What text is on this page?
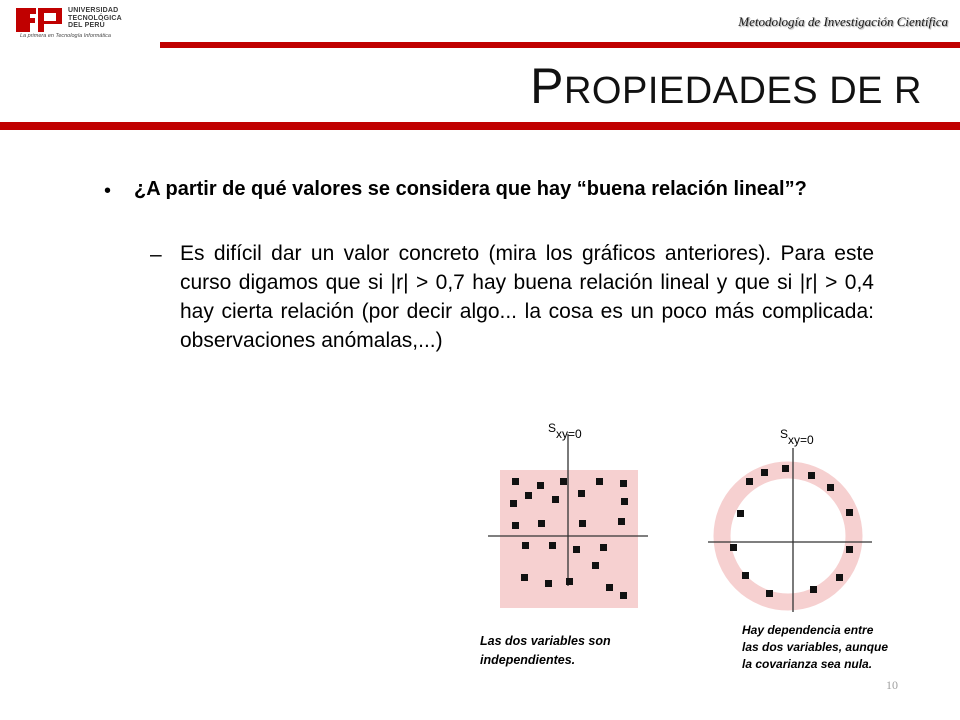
UNIVERSIDAD
TECNOLÓGICA
DEL PERÚ
La primera en Tecnología Informática
Metodología de Investigación Científica
PROPIEDADES DE R
• ¿A partir de qué valores se considera que hay “buena relación lineal”?
– Es difícil dar un valor concreto (mira los gráficos anteriores). Para este curso digamos que si |r| > 0,7 hay buena relación lineal y que si |r| > 0,4 hay cierta relación (por decir algo... la cosa es un poco más complicada: observaciones anómalas,...)
Sxy=0	Sxy=0
Las dos variables son
independientes.
Hay dependencia entre
las dos variables, aunque
la covarianza sea nula.
10
